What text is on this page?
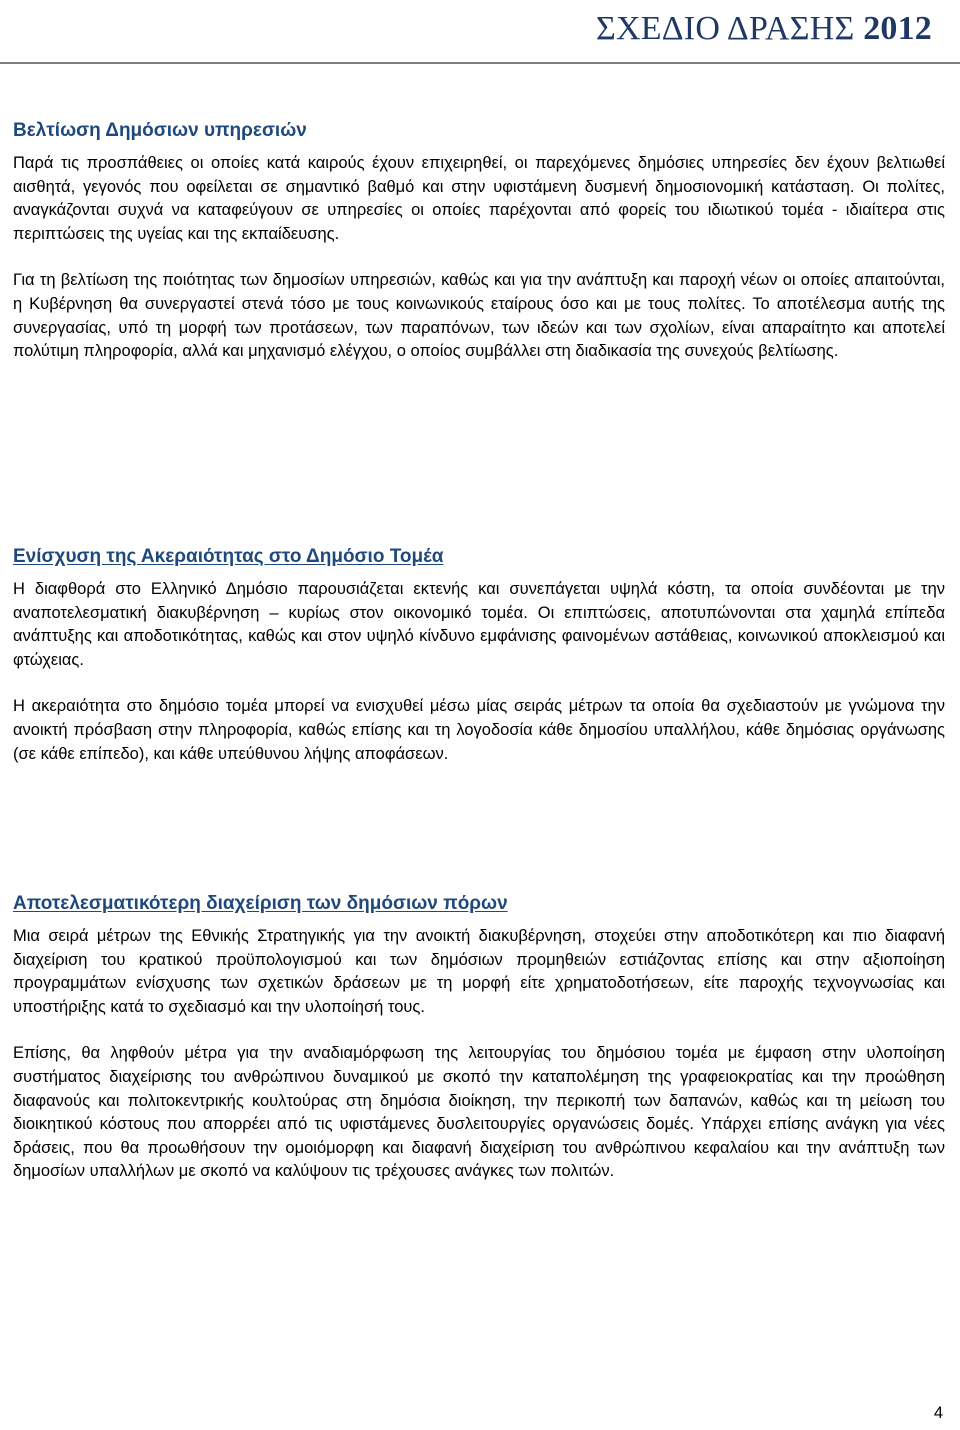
ΣΧΕΔΙΟ ΔΡΑΣΗΣ 2012
Βελτίωση Δημόσιων υπηρεσιών

Παρά τις προσπάθειες οι οποίες κατά καιρούς έχουν επιχειρηθεί, οι παρεχόμενες δημόσιες υπηρεσίες δεν έχουν βελτιωθεί αισθητά, γεγονός που οφείλεται σε σημαντικό βαθμό και στην υφιστάμενη δυσμενή δημοσιονομική κατάσταση. Οι πολίτες, αναγκάζονται συχνά να καταφεύγουν σε υπηρεσίες οι οποίες παρέχονται από φορείς του ιδιωτικού τομέα - ιδιαίτερα στις περιπτώσεις της υγείας και της εκπαίδευσης.

Για τη βελτίωση της ποιότητας των δημοσίων υπηρεσιών, καθώς και για την ανάπτυξη και παροχή νέων οι οποίες απαιτούνται, η Κυβέρνηση θα συνεργαστεί στενά τόσο με τους κοινωνικούς εταίρους όσο και με τους πολίτες. Το αποτέλεσμα αυτής της συνεργασίας, υπό τη μορφή των προτάσεων, των παραπόνων, των ιδεών και των σχολίων, είναι απαραίτητο και αποτελεί πολύτιμη πληροφορία, αλλά και μηχανισμό ελέγχου, ο οποίος συμβάλλει στη διαδικασία της συνεχούς βελτίωσης.

Ενίσχυση της Ακεραιότητας στο Δημόσιο Τομέα

Η διαφθορά στο Ελληνικό Δημόσιο παρουσιάζεται εκτενής και συνεπάγεται υψηλά κόστη, τα οποία συνδέονται με την αναποτελεσματική διακυβέρνηση – κυρίως στον οικονομικό τομέα. Οι επιπτώσεις, αποτυπώνονται στα χαμηλά επίπεδα ανάπτυξης και αποδοτικότητας, καθώς και στον υψηλό κίνδυνο εμφάνισης φαινομένων αστάθειας, κοινωνικού αποκλεισμού και φτώχειας.

Η ακεραιότητα στο δημόσιο τομέα μπορεί να ενισχυθεί μέσω μίας σειράς μέτρων τα οποία θα σχεδιαστούν με γνώμονα την ανοικτή πρόσβαση στην πληροφορία, καθώς επίσης και τη λογοδοσία κάθε δημοσίου υπαλλήλου, κάθε δημόσιας οργάνωσης (σε κάθε επίπεδο), και κάθε υπεύθυνου λήψης αποφάσεων.

Αποτελεσματικότερη διαχείριση των δημόσιων πόρων

Μια σειρά μέτρων της Εθνικής Στρατηγικής για την ανοικτή διακυβέρνηση, στοχεύει στην αποδοτικότερη και πιο διαφανή διαχείριση του κρατικού προϋπολογισμού και των δημόσιων προμηθειών εστιάζοντας επίσης και στην αξιοποίηση προγραμμάτων ενίσχυσης των σχετικών δράσεων με τη μορφή είτε χρηματοδοτήσεων, είτε παροχής τεχνογνωσίας και υποστήριξης κατά το σχεδιασμό και την υλοποίησή τους.

Επίσης, θα ληφθούν μέτρα για την αναδιαμόρφωση της λειτουργίας του δημόσιου τομέα με έμφαση στην υλοποίηση συστήματος διαχείρισης του ανθρώπινου δυναμικού με σκοπό την καταπολέμηση της γραφειοκρατίας και την προώθηση διαφανούς και πολιτοκεντρικής κουλτούρας στη δημόσια διοίκηση, την περικοπή των δαπανών, καθώς και τη μείωση του διοικητικού κόστους που απορρέει από τις υφιστάμενες δυσλειτουργίες οργανώσεις δομές. Υπάρχει επίσης ανάγκη για νέες δράσεις, που θα προωθήσουν την ομοιόμορφη και διαφανή διαχείριση του ανθρώπινου κεφαλαίου και την ανάπτυξη των δημοσίων υπαλλήλων με σκοπό να καλύψουν τις τρέχουσες ανάγκες των πολιτών.

4
